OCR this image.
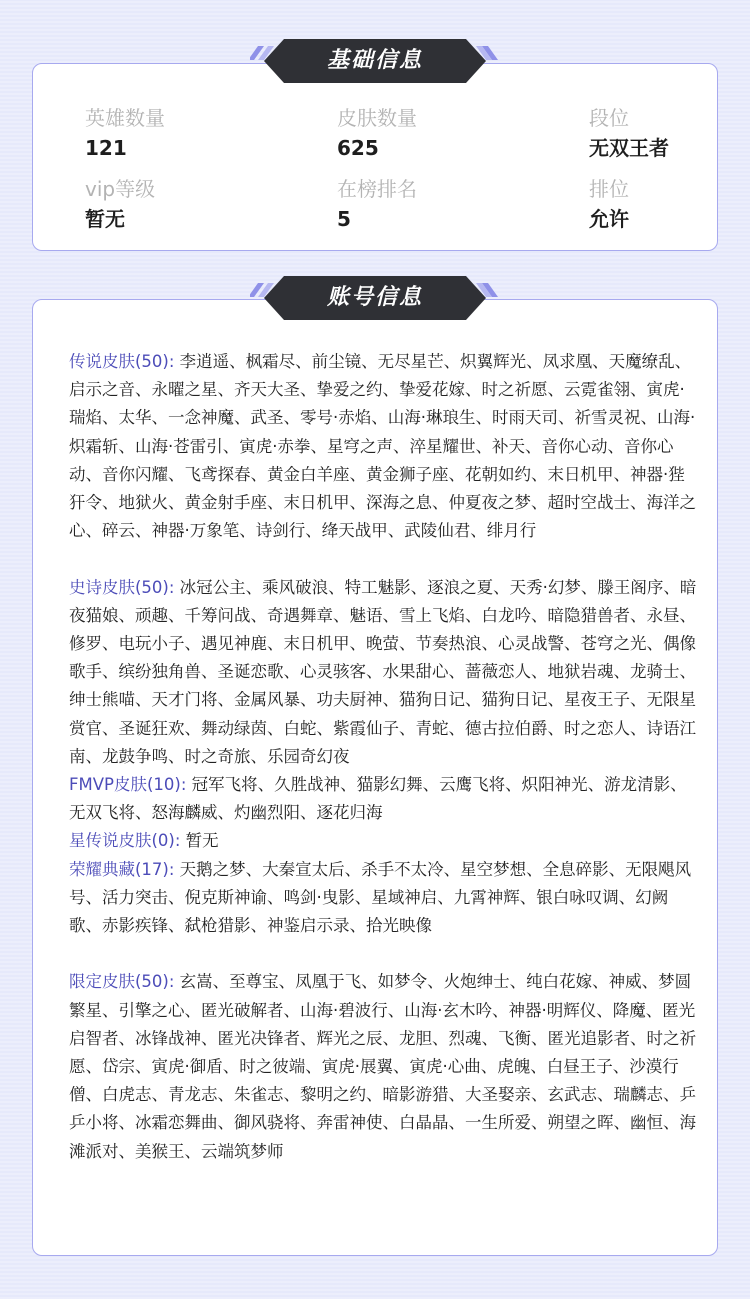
英雄数量
121
皮肤数量
625
段位
无双王者
vip等级
暂无
在榜排名
5
排位
允许
基础信息

传说皮肤(50): 李逍遥、枫霜尽、前尘镜、无尽星芒、炽翼辉光、凤求凰、天魔缭乱、启示之音、永曜之星、齐天大圣、挚爱之约、挚爱花嫁、时之祈愿、云霓雀翎、寅虎·瑞焰、太华、一念神魔、武圣、零号·赤焰、山海·琳琅生、时雨天司、祈雪灵祝、山海·炽霜斩、山海·苍雷引、寅虎·赤拳、星穹之声、淬星耀世、补天、音你心动、音你心动、音你闪耀、飞鸢探春、黄金白羊座、黄金狮子座、花朝如约、末日机甲、神器·狴犴令、地狱火、黄金射手座、末日机甲、深海之息、仲夏夜之梦、超时空战士、海洋之心、碎云、神器·万象笔、诗剑行、绛天战甲、武陵仙君、绯月行

史诗皮肤(50): 冰冠公主、乘风破浪、特工魅影、逐浪之夏、天秀·幻梦、滕王阁序、暗夜猫娘、顽趣、千筹问战、奇遇舞章、魅语、雪上飞焰、白龙吟、暗隐猎兽者、永昼、修罗、电玩小子、遇见神鹿、末日机甲、晚萤、节奏热浪、心灵战警、苍穹之光、偶像歌手、缤纷独角兽、圣诞恋歌、心灵骇客、水果甜心、蔷薇恋人、地狱岩魂、龙骑士、绅士熊喵、天才门将、金属风暴、功夫厨神、猫狗日记、猫狗日记、星夜王子、无限星赏官、圣诞狂欢、舞动绿茵、白蛇、紫霞仙子、青蛇、德古拉伯爵、时之恋人、诗语江南、龙鼓争鸣、时之奇旅、乐园奇幻夜

FMVP皮肤(10): 冠军飞将、久胜战神、猫影幻舞、云鹰飞将、炽阳神光、游龙清影、无双飞将、怒海麟威、灼幽烈阳、逐花归海

星传说皮肤(0): 暂无

荣耀典藏(17): 天鹅之梦、大秦宣太后、杀手不太冷、星空梦想、全息碎影、无限飓风号、活力突击、倪克斯神谕、鸣剑·曳影、星域神启、九霄神辉、银白咏叹调、幻阙歌、赤影疾锋、弑枪猎影、神鉴启示录、拾光映像

限定皮肤(50): 玄嵩、至尊宝、凤凰于飞、如梦令、火炮绅士、纯白花嫁、神威、梦圆繁星、引擎之心、匿光破解者、山海·碧波行、山海·玄木吟、神器·明辉仪、降魔、匿光启智者、冰锋战神、匿光决锋者、辉光之辰、龙胆、烈魂、飞衡、匿光追影者、时之祈愿、岱宗、寅虎·御盾、时之彼端、寅虎·展翼、寅虎·心曲、虎魄、白昼王子、沙漠行僧、白虎志、青龙志、朱雀志、黎明之约、暗影游猎、大圣娶亲、玄武志、瑞麟志、乒乒小将、冰霜恋舞曲、御风骁将、奔雷神使、白晶晶、一生所爱、朔望之晖、幽恒、海滩派对、美猴王、云端筑梦师

账号信息
